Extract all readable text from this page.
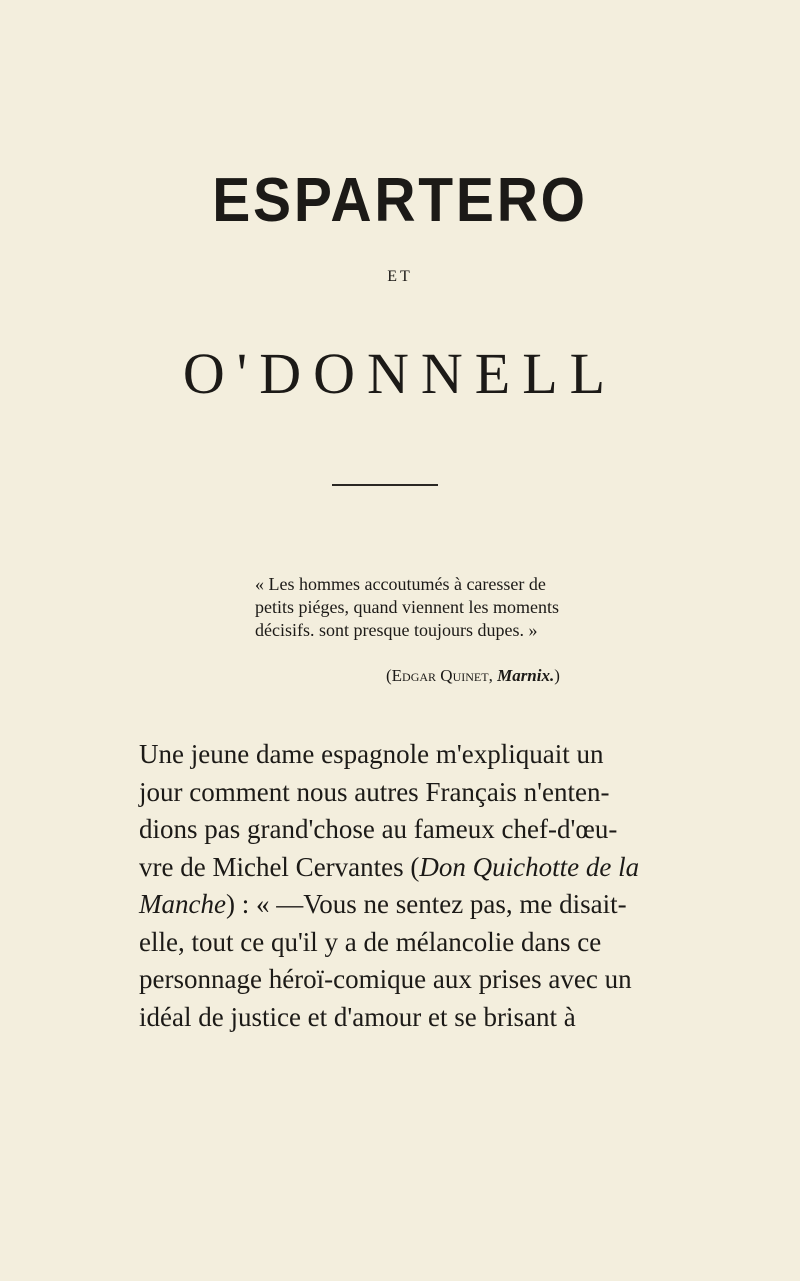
ESPARTERO
ET
O'DONNELL
« Les hommes accoutumés à caresser de
petits piéges, quand viennent les moments
décisifs. sont presque toujours dupes. »
(Edgar Quinet, Marnix.)
Une jeune dame espagnole m'expliquait un
jour comment nous autres Français n'enten-
dions pas grand'chose au fameux chef-d'œu-
vre de Michel Cervantes (Don Quichotte de la
Manche) : « —Vous ne sentez pas, me disait-
elle, tout ce qu'il y a de mélancolie dans ce
personnage héroï-comique aux prises avec un
idéal de justice et d'amour et se brisant à
